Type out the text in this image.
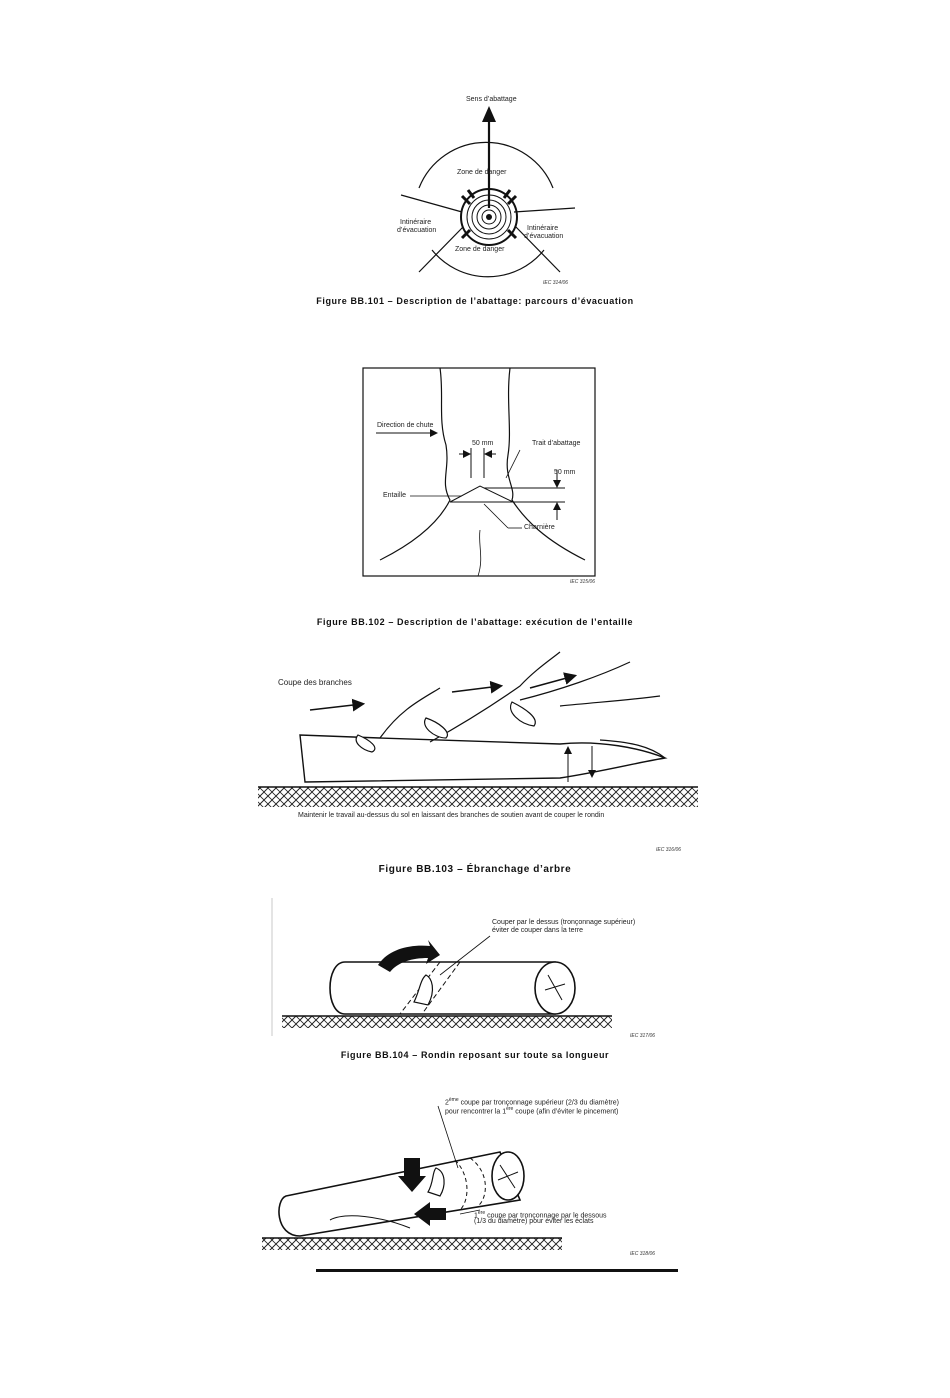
Sens d’abattage
Zone de danger
Intinéraire
d’évacuation	Intinéraire
d’évacuation
Zone de danger
IEC 314/06
Figure BB.101 – Description de l’abattage: parcours d’évacuation
Direction de chute
50 mm	Trait d’abattage
50 mm
Entaille
Charnière
IEC 315/06
Figure BB.102 – Description de l’abattage: exécution de l’entaille
Coupe des branches
Maintenir le travail au-dessus du sol en laissant des branches de soutien avant de couper le rondin
IEC 316/06
Figure BB.103 – Ébranchage d’arbre
Couper par le dessus (tronçonnage supérieur)
éviter de couper dans la terre
IEC 317/06
Figure BB.104 – Rondin reposant sur toute sa longueur
2ème coupe par tronçonnage supérieur (2/3 du diamètre)
pour rencontrer la 1ère coupe (afin d’éviter le pincement)
1ère coupe par tronçonnage par le dessous
(1/3 du diamètre) pour éviter les éclats
IEC 318/06
